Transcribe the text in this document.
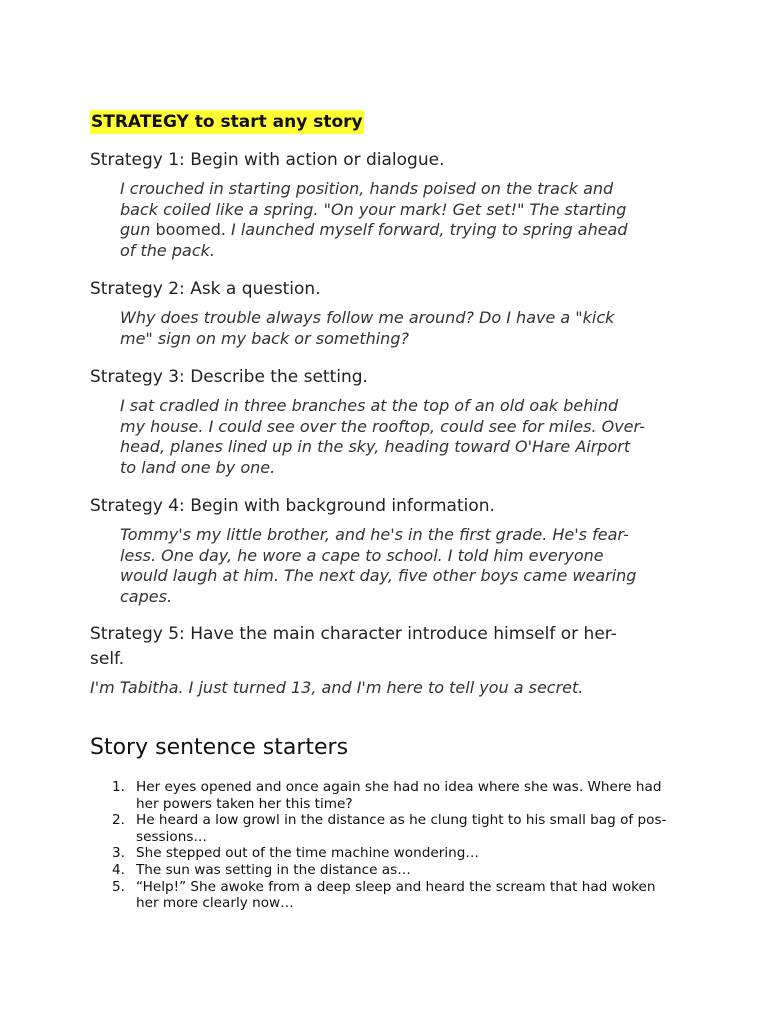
STRATEGY to start any story

Strategy 1: Begin with action or dialogue.

I crouched in starting position, hands poised on the track and
back coiled like a spring. "On your mark! Get set!" The starting
gun boomed. I launched myself forward, trying to spring ahead
of the pack.

Strategy 2: Ask a question.

Why does trouble always follow me around? Do I have a "kick
me" sign on my back or something?

Strategy 3: Describe the setting.

I sat cradled in three branches at the top of an old oak behind
my house. I could see over the rooftop, could see for miles. Over-
head, planes lined up in the sky, heading toward O'Hare Airport
to land one by one.

Strategy 4: Begin with background information.

Tommy's my little brother, and he's in the first grade. He's fear-
less. One day, he wore a cape to school. I told him everyone
would laugh at him. The next day, five other boys came wearing
capes.
Strategy 5: Have the main character introduce himself or her-
self.
I'm Tabitha. I just turned 13, and I'm here to tell you a secret.
Story sentence starters
1. Her eyes opened and once again she had no idea where she was. Where had
her powers taken her this time?
2. He heard a low growl in the distance as he clung tight to his small bag of pos-
sessions…
3. She stepped out of the time machine wondering…
4. The sun was setting in the distance as…
5. “Help!” She awoke from a deep sleep and heard the scream that had woken
her more clearly now…
